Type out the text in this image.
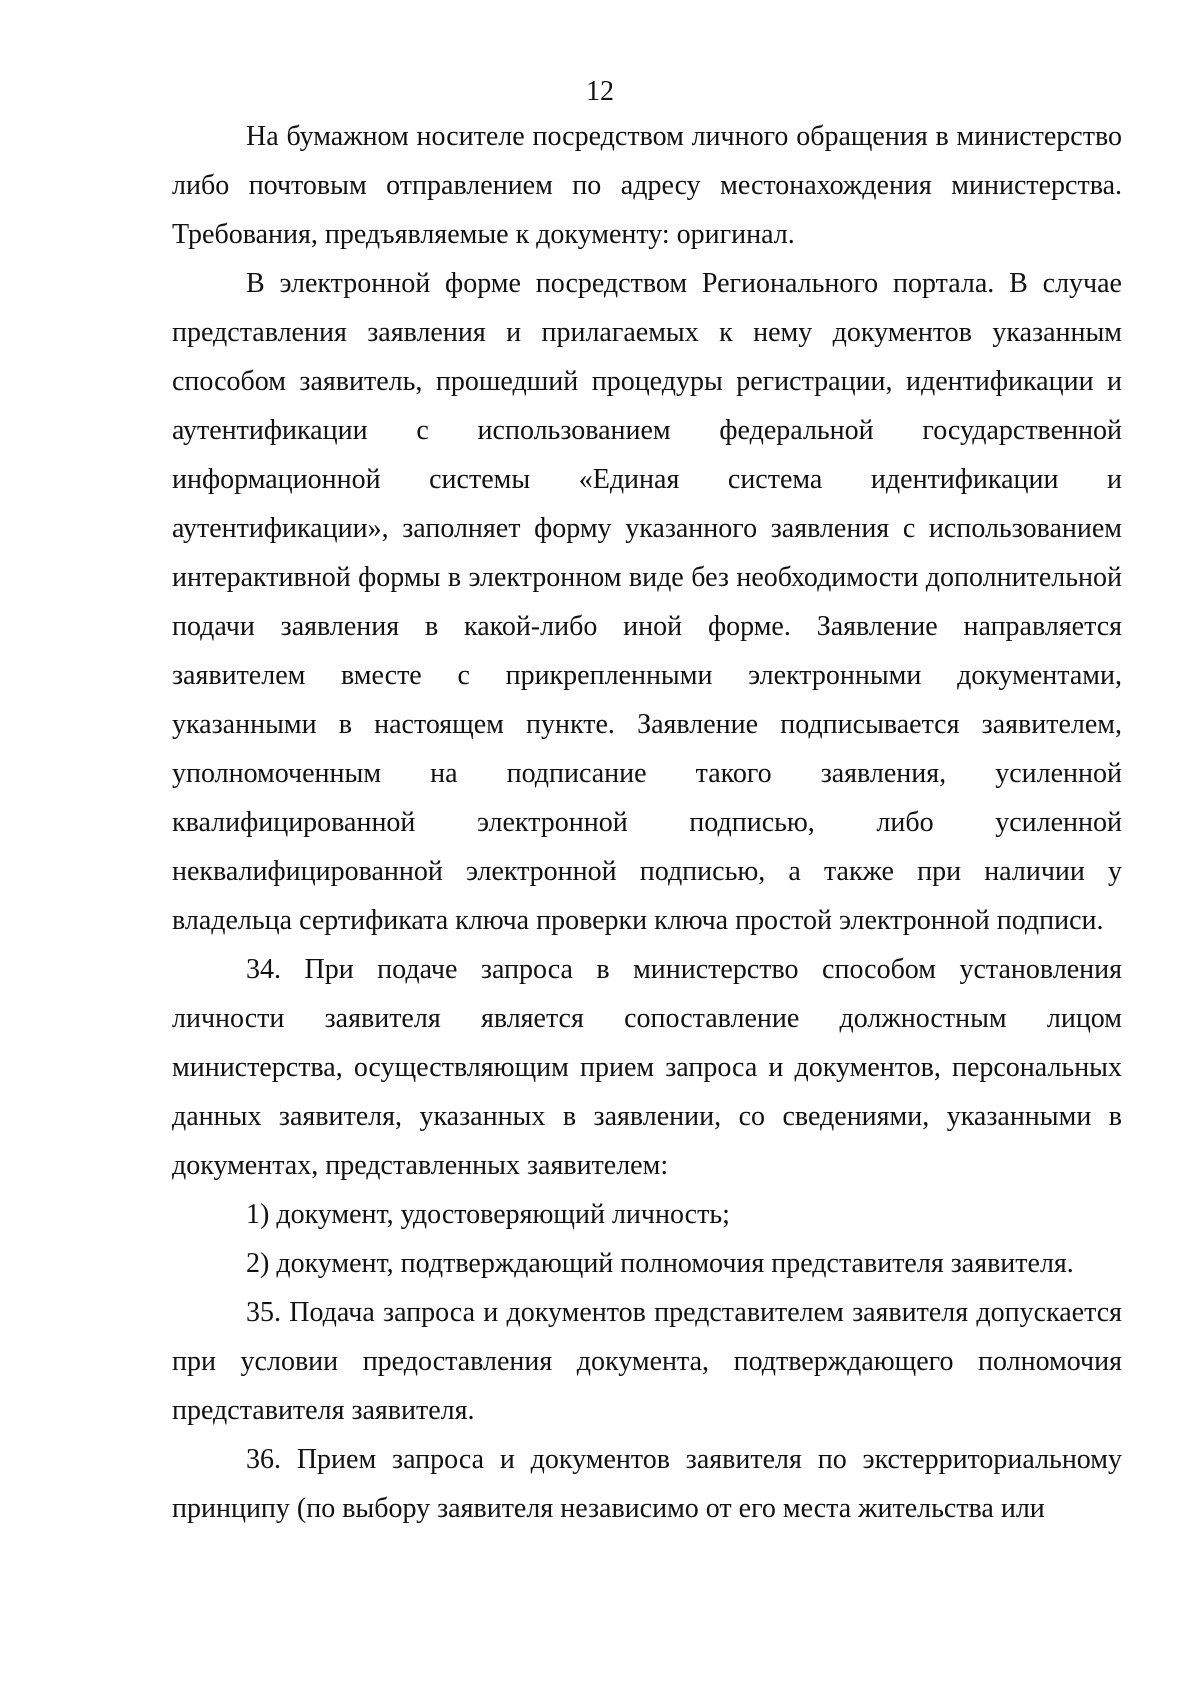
12

На бумажном носителе посредством личного обращения в министерство либо почтовым отправлением по адресу местонахождения министерства. Требования, предъявляемые к документу: оригинал.

В электронной форме посредством Регионального портала. В случае представления заявления и прилагаемых к нему документов указанным способом заявитель, прошедший процедуры регистрации, идентификации и аутентификации с использованием федеральной государственной информационной системы «Единая система идентификации и аутентификации», заполняет форму указанного заявления с использованием интерактивной формы в электронном виде без необходимости дополнительной подачи заявления в какой-либо иной форме. Заявление направляется заявителем вместе с прикрепленными электронными документами, указанными в настоящем пункте. Заявление подписывается заявителем, уполномоченным на подписание такого заявления, усиленной квалифицированной электронной подписью, либо усиленной неквалифицированной электронной подписью, а также при наличии у владельца сертификата ключа проверки ключа простой электронной подписи.

34. При подаче запроса в министерство способом установления личности заявителя является сопоставление должностным лицом министерства, осуществляющим прием запроса и документов, персональных данных заявителя, указанных в заявлении, со сведениями, указанными в документах, представленных заявителем:

1) документ, удостоверяющий личность;

2) документ, подтверждающий полномочия представителя заявителя.

35. Подача запроса и документов представителем заявителя допускается при условии предоставления документа, подтверждающего полномочия представителя заявителя.

36. Прием запроса и документов заявителя по экстерриториальному принципу (по выбору заявителя независимо от его места жительства или
